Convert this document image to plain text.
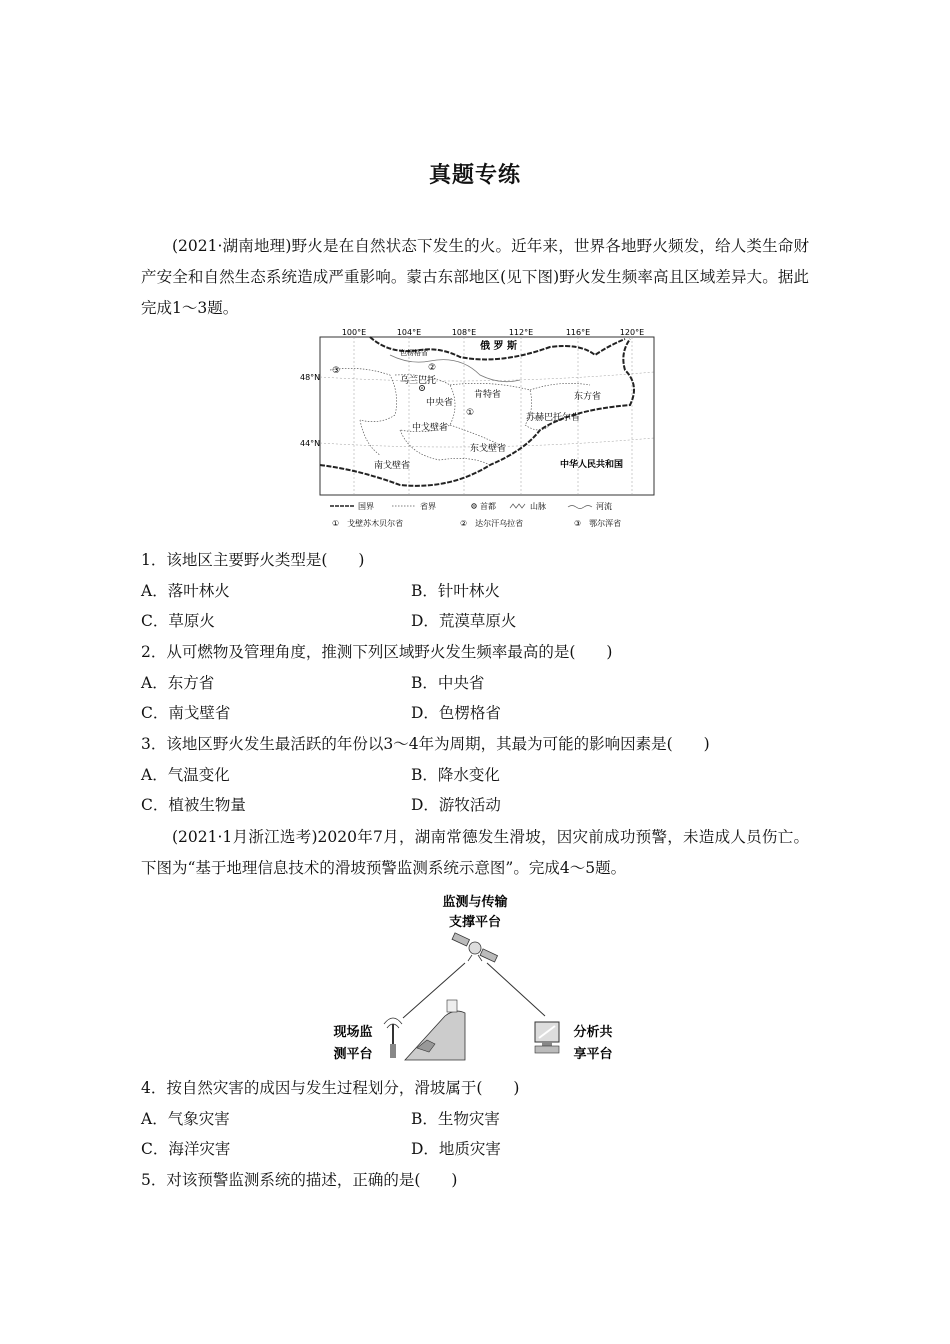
真题专练
(2021·湖南地理)野火是在自然状态下发生的火。近年来，世界各地野火频发，给人类生命财产安全和自然生态系统造成严重影响。蒙古东部地区(见下图)野火发生频率高且区域差异大。据此完成1～3题。
100°E	104°E	108°E	112°E	116°E	120°E
48°N
44°N
俄 罗 斯
色楞格省
乌兰巴托
肯特省	东方省
中央省
苏赫巴托尔省
中戈壁省
东戈壁省
南戈壁省	中华人民共和国
③	②
①
国界	省界	首都	山脉	河流
①　戈壁苏木贝尔省	②　达尔汗乌拉省	③　鄂尔浑省
1．该地区主要野火类型是(　　)
A．落叶林火	B．针叶林火
C．草原火	D．荒漠草原火
2．从可燃物及管理角度，推测下列区域野火发生频率最高的是(　　)
A．东方省	B．中央省
C．南戈壁省	D．色楞格省
3．该地区野火发生最活跃的年份以3～4年为周期，其最为可能的影响因素是(　　)
A．气温变化	B．降水变化
C．植被生物量	D．游牧活动
(2021·1月浙江选考)2020年7月，湖南常德发生滑坡，因灾前成功预警，未造成人员伤亡。下图为“基于地理信息技术的滑坡预警监测系统示意图”。完成4～5题。
监测与传输
支撑平台
现场监
测平台
分析共
享平台
4．按自然灾害的成因与发生过程划分，滑坡属于(　　)
A．气象灾害	B．生物灾害
C．海洋灾害	D．地质灾害
5．对该预警监测系统的描述，正确的是(　　)
